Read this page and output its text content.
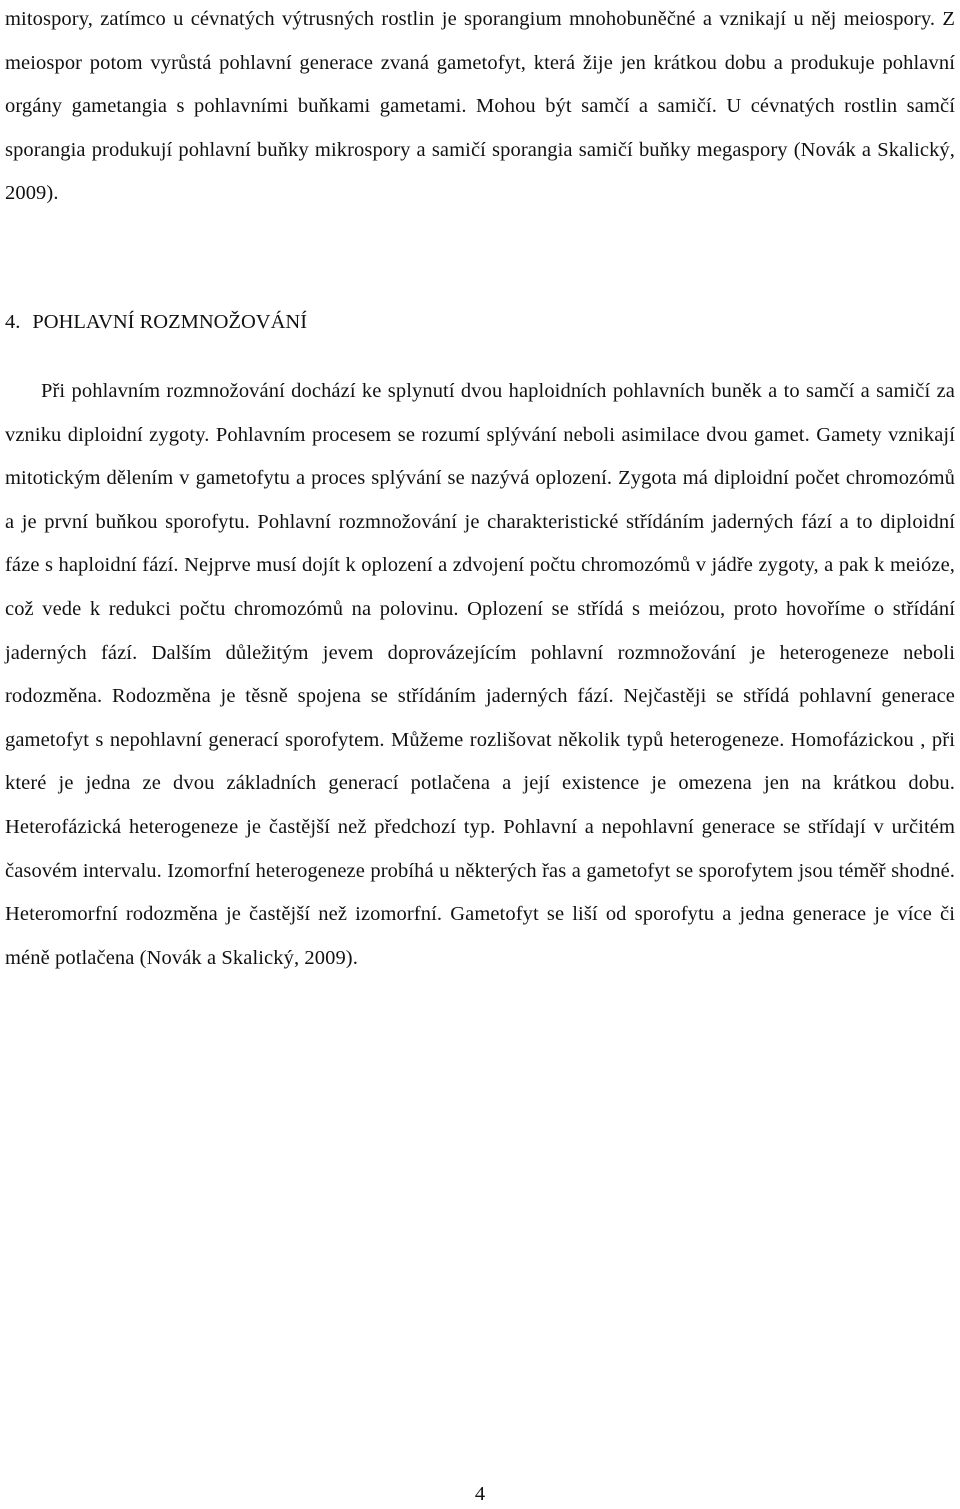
mitospory, zatímco u cévnatých výtrusných rostlin je sporangium mnohobuněčné a vznikají u něj meiospory. Z meiospor potom vyrůstá pohlavní generace zvaná gametofyt, která žije jen krátkou dobu a produkuje pohlavní orgány gametangia s pohlavními buňkami gametami. Mohou být samčí a samičí. U cévnatých rostlin samčí sporangia produkují pohlavní buňky mikrospory a samičí sporangia samičí buňky megaspory (Novák a Skalický, 2009).

4. POHLAVNÍ ROZMNOŽOVÁNÍ

Při pohlavním rozmnožování dochází ke splynutí dvou haploidních pohlavních buněk a to samčí a samičí za vzniku diploidní zygoty. Pohlavním procesem se rozumí splývání neboli asimilace dvou gamet. Gamety vznikají mitotickým dělením v gametofytu a proces splývání se nazývá oplození. Zygota má diploidní počet chromozómů a je první buňkou sporofytu. Pohlavní rozmnožování je charakteristické střídáním jaderných fází a to diploidní fáze s haploidní fází. Nejprve musí dojít k oplození a zdvojení počtu chromozómů v jádře zygoty, a pak k meióze, což vede k redukci počtu chromozómů na polovinu. Oplození se střídá s meiózou, proto hovoříme o střídání jaderných fází. Dalším důležitým jevem doprovázejícím pohlavní rozmnožování je heterogeneze neboli rodozměna. Rodozměna je těsně spojena se střídáním jaderných fází. Nejčastěji se střídá pohlavní generace gametofyt s nepohlavní generací sporofytem. Můžeme rozlišovat několik typů heterogeneze. Homofázickou , při které je jedna ze dvou základních generací potlačena a její existence je omezena jen na krátkou dobu. Heterofázická heterogeneze je častější než předchozí typ. Pohlavní a nepohlavní generace se střídají v určitém časovém intervalu. Izomorfní heterogeneze probíhá u některých řas a gametofyt se sporofytem jsou téměř shodné. Heteromorfní rodozměna je častější než izomorfní. Gametofyt se liší od sporofytu a jedna generace je více či méně potlačena (Novák a Skalický, 2009).

4
